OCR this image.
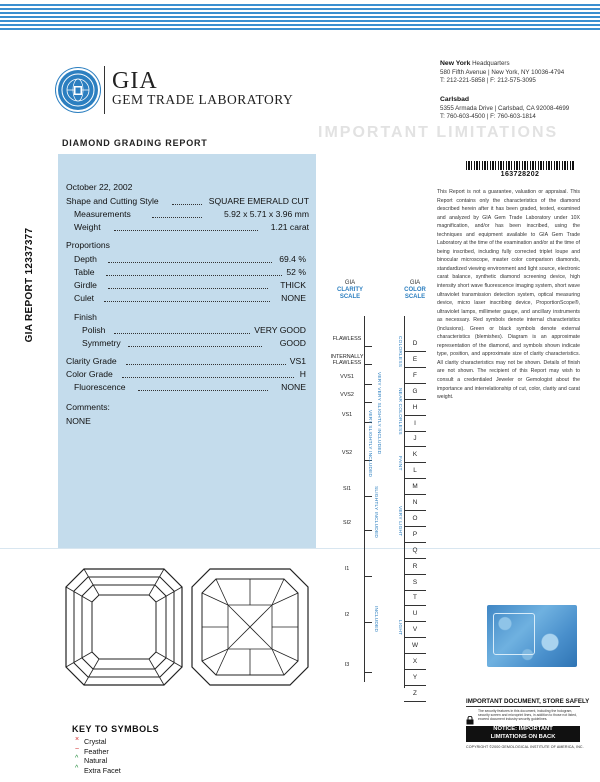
GIA
GEM TRADE LABORATORY
New York Headquarters
580 Fifth Avenue | New York, NY 10036-4794
T: 212-221-5858 | F: 212-575-3095
Carlsbad
5355 Armada Drive | Carlsbad, CA 92008-4699
T: 760-603-4500 | F: 760-603-1814
IMPORTANT LIMITATIONS
DIAMOND GRADING REPORT
GIA REPORT 12337377
October 22, 2002
Shape and Cutting Style	SQUARE EMERALD CUT
Measurements	5.92 x 5.71 x 3.96 mm
Weight	1.21 carat
Proportions
Depth	69.4 %
Table	52 %
Girdle	THICK
Culet	NONE
Finish
Polish	VERY GOOD
Symmetry	GOOD
Clarity Grade	VS1
Color Grade	H
Fluorescence	NONE
Comments:
NONE
GIA
CLARITY
SCALE
GIA
COLOR
SCALE
FLAWLESS
INTERNALLY FLAWLESS
VVS1
VVS2
VS1
VS2
SI1
SI2
I1
I2
I3
D
E
F
G
H
I
J
K
L
M
N
O
P
Q
R
S
T
U
V
W
X
Y
Z
VERY VERY SLIGHTLY INCLUDED
VERY SLIGHTLY INCLUDED
SLIGHTLY INCLUDED
INCLUDED
COLORLESS
NEAR COLORLESS
FAINT
VERY LIGHT
LIGHT
163728202
This Report is not a guarantee, valuation or appraisal. This Report contains only the characteristics of the diamond described herein after it has been graded, tested, examined and analyzed by GIA Gem Trade Laboratory under 10X magnification, and/or has been inscribed, using the techniques and equipment available to GIA Gem Trade Laboratory at the time of the examination and/or at the time of being inscribed, including fully corrected triplet loupe and binocular microscope, master color comparison diamonds, standardized viewing environment and light source, electronic carat balance, synthetic diamond screening device, high intensity short wave fluorescence imaging system, short wave ultraviolet transmission detection system, optical measuring device, micro laser inscribing device, ProportionScope®, ultraviolet lamps, millimeter gauge, and ancillary instruments as necessary. Red symbols denote internal characteristics (inclusions). Green or black symbols denote external characteristics (blemishes). Diagram is an approximate representation of the diamond, and symbols shown indicate type, position, and approximate size of clarity characteristics. All clarity characteristics may not be shown. Details of finish are not shown. The recipient of this Report may wish to consult a credentialed Jeweler or Gemologist about the importance and interrelationship of cut, color, clarity and carat weight.
IMPORTANT DOCUMENT, STORE SAFELY
The security features in this document, including the hologram, security screen and microprint lines, in addition to those not listed, exceed document industry security guidelines.
NOTICE: IMPORTANT
LIMITATIONS ON BACK
COPYRIGHT ©2000 GEMOLOGICAL INSTITUTE OF AMERICA, INC.
KEY TO SYMBOLS
× Crystal
~ Feather
^ Natural
^ Extra Facet
